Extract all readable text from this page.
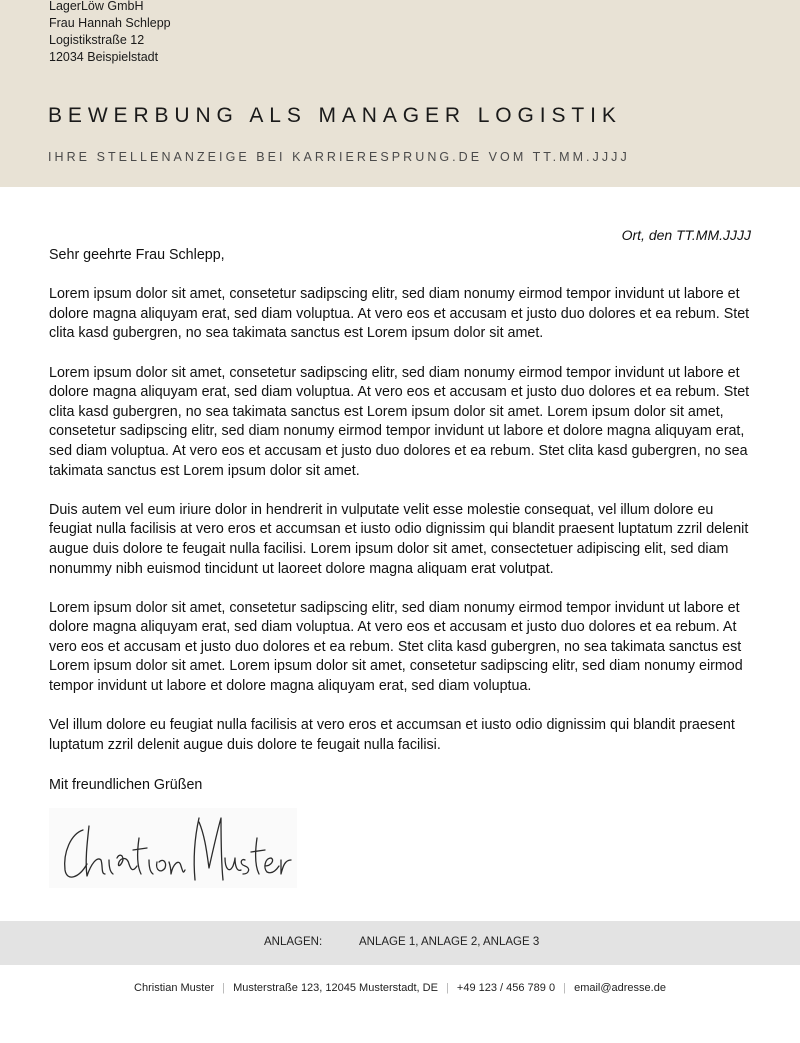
LagerLöw GmbH
Frau Hannah Schlepp
Logistikstraße 12
12034 Beispielstadt
BEWERBUNG ALS MANAGER LOGISTIK
IHRE STELLENANZEIGE BEI KARRIERESPRUNG.DE VOM TT.MM.JJJJ
Ort, den TT.MM.JJJJ

Sehr geehrte Frau Schlepp,

Lorem ipsum dolor sit amet, consetetur sadipscing elitr, sed diam nonumy eirmod tempor invidunt ut labore et dolore magna aliquyam erat, sed diam voluptua. At vero eos et accusam et justo duo dolores et ea rebum. Stet clita kasd gubergren, no sea takimata sanctus est Lorem ipsum dolor sit amet.

Lorem ipsum dolor sit amet, consetetur sadipscing elitr, sed diam nonumy eirmod tempor invidunt ut labore et dolore magna aliquyam erat, sed diam voluptua. At vero eos et accusam et justo duo dolores et ea rebum. Stet clita kasd gubergren, no sea takimata sanctus est Lorem ipsum dolor sit amet. Lorem ipsum dolor sit amet, consetetur sadipscing elitr, sed diam nonumy eirmod tempor invidunt ut labore et dolore magna aliquyam erat, sed diam voluptua. At vero eos et accusam et justo duo dolores et ea rebum. Stet clita kasd gubergren, no sea takimata sanctus est Lorem ipsum dolor sit amet.

Duis autem vel eum iriure dolor in hendrerit in vulputate velit esse molestie consequat, vel illum dolore eu feugiat nulla facilisis at vero eros et accumsan et iusto odio dignissim qui blandit praesent luptatum zzril delenit augue duis dolore te feugait nulla facilisi. Lorem ipsum dolor sit amet, consectetuer adipiscing elit, sed diam nonummy nibh euismod tincidunt ut laoreet dolore magna aliquam erat volutpat.

Lorem ipsum dolor sit amet, consetetur sadipscing elitr, sed diam nonumy eirmod tempor invidunt ut labore et dolore magna aliquyam erat, sed diam voluptua. At vero eos et accusam et justo duo dolores et ea rebum. At vero eos et accusam et justo duo dolores et ea rebum. Stet clita kasd gubergren, no sea takimata sanctus est Lorem ipsum dolor sit amet. Lorem ipsum dolor sit amet, consetetur sadipscing elitr, sed diam nonumy eirmod tempor invidunt ut labore et dolore magna aliquyam erat, sed diam voluptua.

Vel illum dolore eu feugiat nulla facilisis at vero eros et accumsan et iusto odio dignissim qui blandit praesent luptatum zzril delenit augue duis dolore te feugait nulla facilisi.

Mit freundlichen Grüßen
ANLAGEN:	ANLAGE 1, ANLAGE 2, ANLAGE 3
Christian Muster | Musterstraße 123, 12045 Musterstadt, DE | +49 123 / 456 789 0 | email@adresse.de
